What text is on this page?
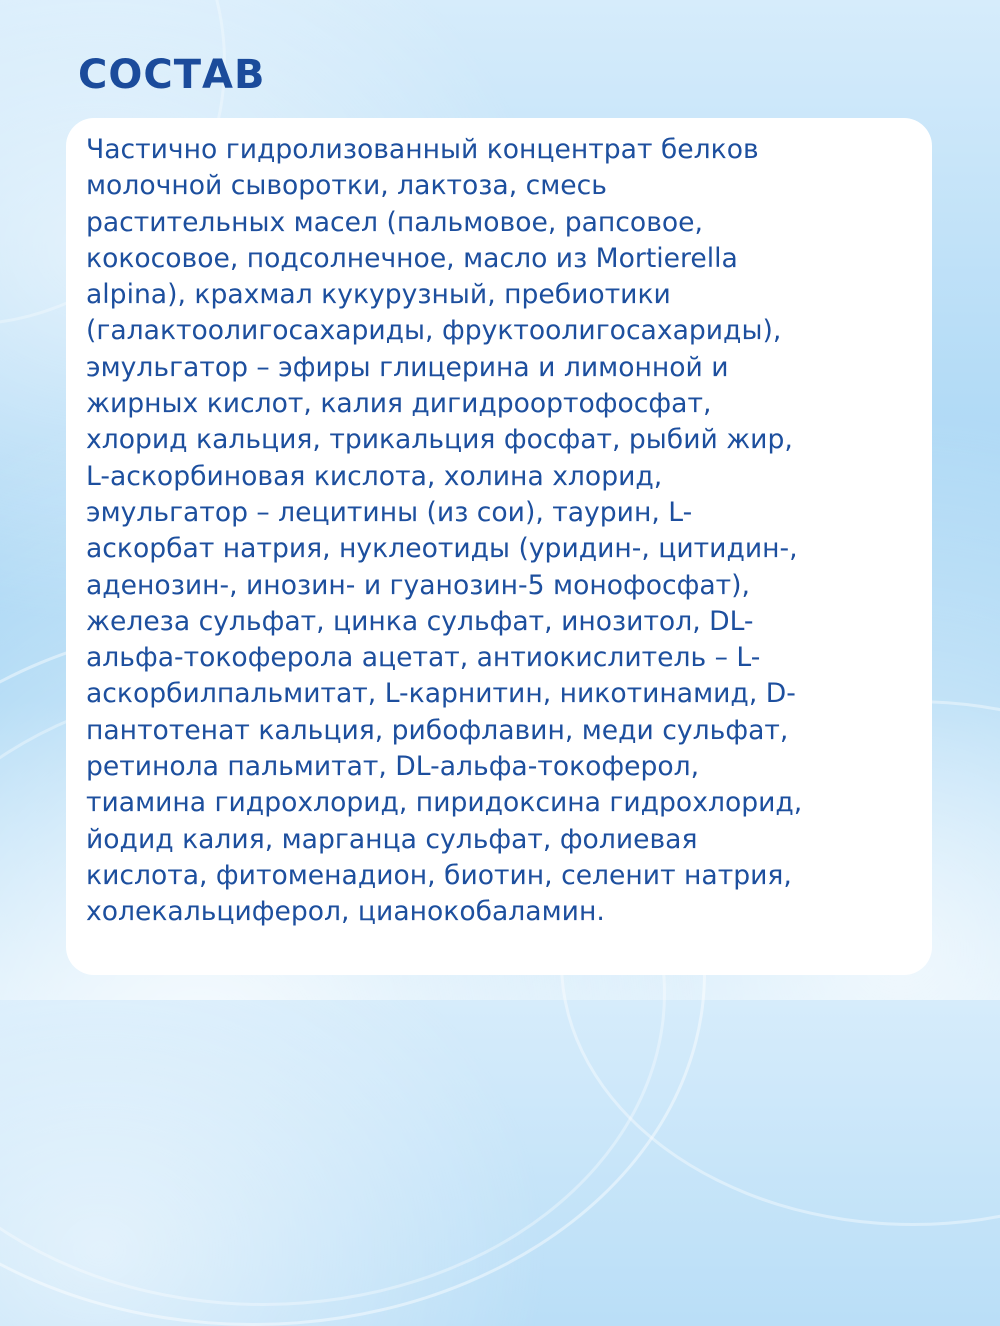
СОСТАВ

Частично гидролизованный концентрат белков
молочной сыворотки, лактоза, смесь
растительных масел (пальмовое, рапсовое,
кокосовое, подсолнечное, масло из Mortierella
alpina), крахмал кукурузный, пребиотики
(галактоолигосахариды, фруктоолигосахариды),
эмульгатор – эфиры глицерина и лимонной и
жирных кислот, калия дигидроортофосфат,
хлорид кальция, трикальция фосфат, рыбий жир,
L-аскорбиновая кислота, холина хлорид,
эмульгатор – лецитины (из сои), таурин, L-
аскорбат натрия, нуклеотиды (уридин-, цитидин-,
аденозин-, инозин- и гуанозин-5 монофосфат),
железа сульфат, цинка сульфат, инозитол, DL-
альфа-токоферола ацетат, антиокислитель – L-
аскорбилпальмитат, L-карнитин, никотинамид, D-
пантотенат кальция, рибофлавин, меди сульфат,
ретинола пальмитат, DL-альфа-токоферол,
тиамина гидрохлорид, пиридоксина гидрохлорид,
йодид калия, марганца сульфат, фолиевая
кислота, фитоменадион, биотин, селенит натрия,
холекальциферол, цианокобаламин.
